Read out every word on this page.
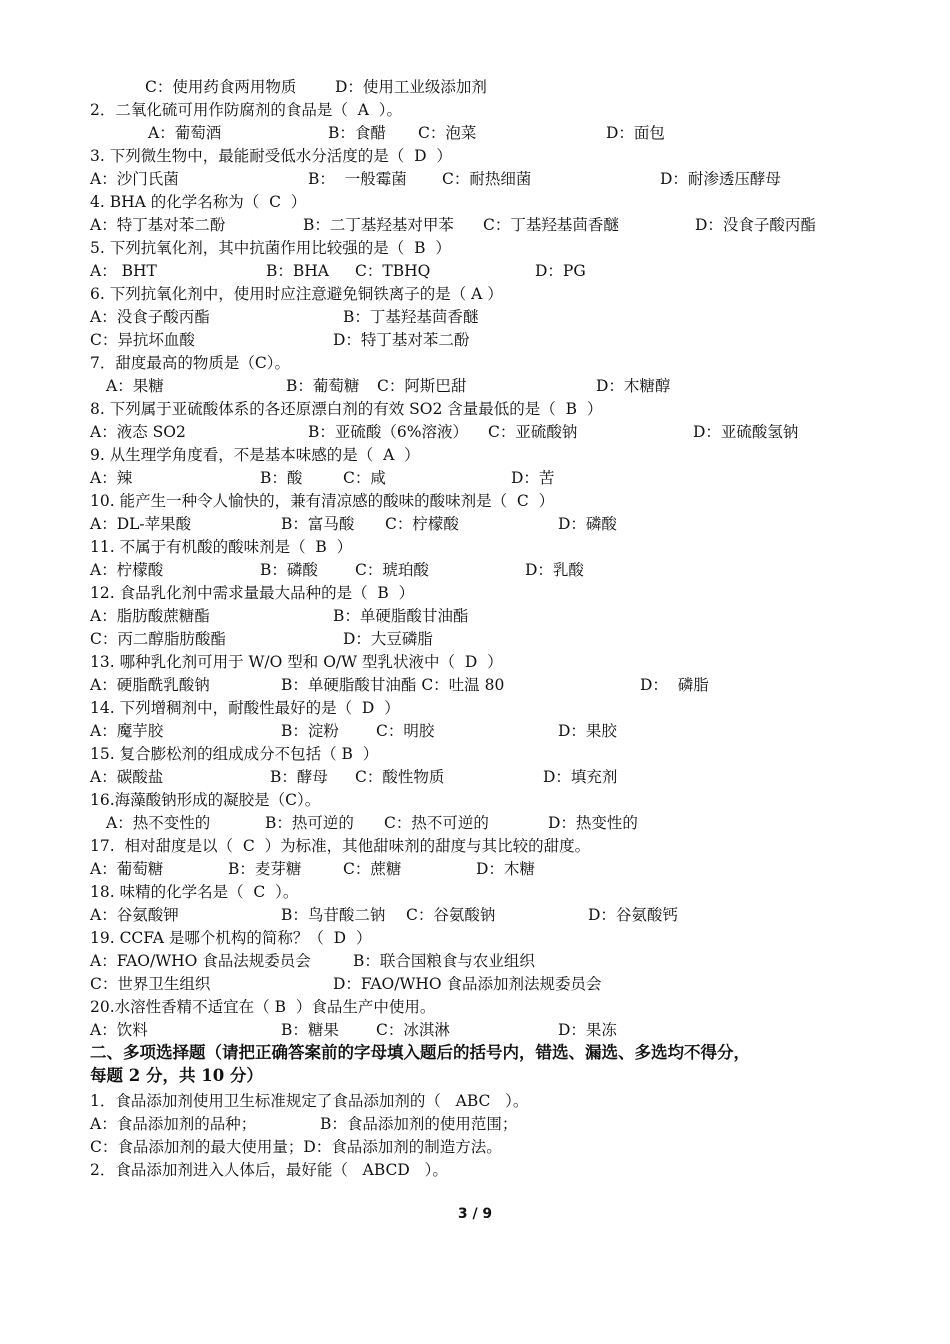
C：使用药食两用物质 D：使用工业级添加剂
2．二氧化硫可用作防腐剂的食品是（  A  ）。
A：葡萄酒	B：食醋 C：泡菜	D：面包
3. 下列微生物中，最能耐受低水分活度的是（  D  ）
A：沙门氏菌	B：  一般霉菌 C：耐热细菌	D：耐渗透压酵母
4. BHA 的化学名称为（  C  ）
A：特丁基对苯二酚	B：二丁基羟基对甲苯 C：丁基羟基茴香醚	D：没食子酸丙酯
5. 下列抗氧化剂，其中抗菌作用比较强的是（  B  ）
A： BHT	B：BHA C：TBHQ	D：PG
6. 下列抗氧化剂中，使用时应注意避免铜铁离子的是（ A ）
A：没食子酸丙酯	B：丁基羟基茴香醚
C：异抗坏血酸	D：特丁基对苯二酚
7．甜度最高的物质是（C）。
A：果糖	B：葡萄糖 C：阿斯巴甜	D：木糖醇
8. 下列属于亚硫酸体系的各还原漂白剂的有效 SO2 含量最低的是（  B  ）
A：液态 SO2	B：亚硫酸（6%溶液） C：亚硫酸钠	D：亚硫酸氢钠
9. 从生理学角度看，不是基本味感的是（  A  ）
A：辣	B：酸	C：咸	D：苦
10. 能产生一种令人愉快的，兼有清凉感的酸味的酸味剂是（  C  ）
A：DL-苹果酸	B：富马酸 C：柠檬酸	D：磷酸
11. 不属于有机酸的酸味剂是（  B  ）
A：柠檬酸	B：磷酸 C：琥珀酸	D：乳酸
12. 食品乳化剂中需求量最大品种的是（  B  ）
A：脂肪酸蔗糖酯	B：单硬脂酸甘油酯
C：丙二醇脂肪酸酯	D：大豆磷脂
13. 哪种乳化剂可用于 W/O 型和 O/W 型乳状液中（  D  ）
A：硬脂酰乳酸钠	B：单硬脂酸甘油酯 C：吐温 80	D：  磷脂
14. 下列增稠剂中，耐酸性最好的是（  D  ）
A：魔芋胶	B：淀粉 C：明胶	D：果胶
15. 复合膨松剂的组成成分不包括（ B  ）
A：碳酸盐	B：酵母 C：酸性物质	D：填充剂
16.海藻酸钠形成的凝胶是（C）。
A：热不变性的	B：热可逆的 C：热不可逆的	D：热变性的
17.  相对甜度是以（  C  ）为标准，其他甜味剂的甜度与其比较的甜度。
A：葡萄糖	B：麦芽糖	C：蔗糖	D：木糖
18. 味精的化学名是（  C  ）。
A：谷氨酸钾	B：鸟苷酸二钠 C：谷氨酸钠	D：谷氨酸钙
19. CCFA 是哪个机构的简称？（  D  ）
A：FAO/WHO 食品法规委员会	B：联合国粮食与农业组织
C：世界卫生组织	D：FAO/WHO 食品添加剂法规委员会
20.水溶性香精不适宜在（ B  ）食品生产中使用。
A：饮料	B：糖果 C：冰淇淋	D：果冻
二、多项选择题（请把正确答案前的字母填入题后的括号内，错选、漏选、多选均不得分，
每题 2 分，共 10 分）
1．食品添加剂使用卫生标准规定了食品添加剂的（   ABC   ）。
A：食品添加剂的品种；	B：食品添加剂的使用范围；
C：食品添加剂的最大使用量；D：食品添加剂的制造方法。
2．食品添加剂进入人体后，最好能（   ABCD   ）。
3 / 9
